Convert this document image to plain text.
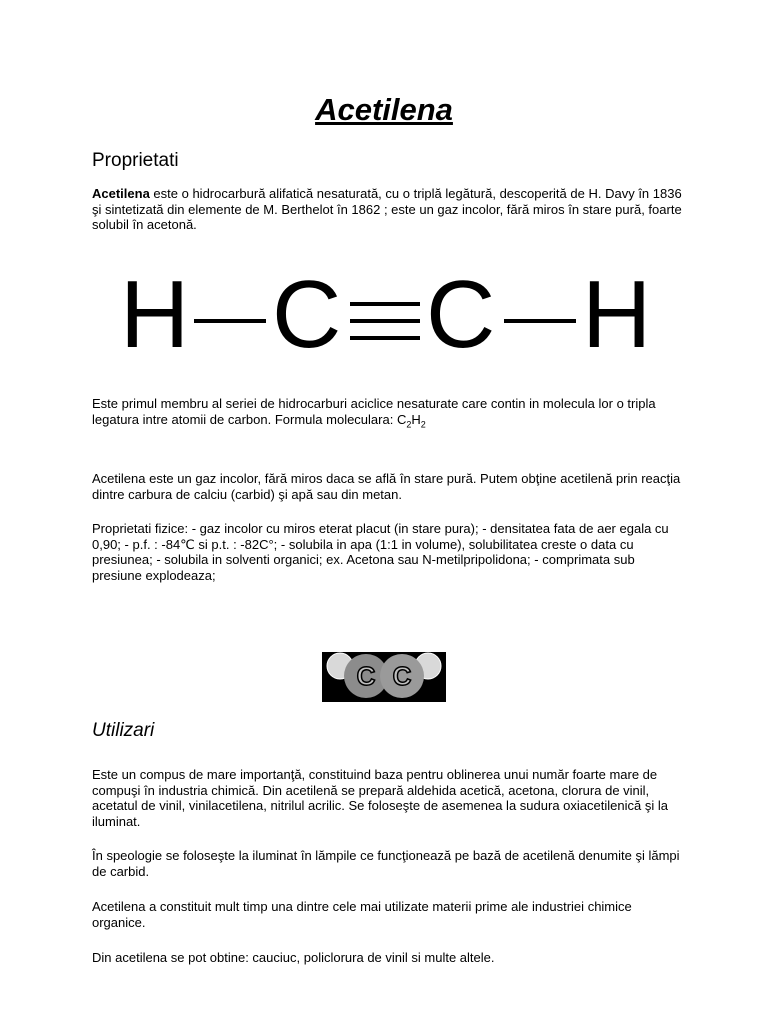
Acetilena
Proprietati
Acetilena este o hidrocarbură alifatică nesaturată, cu o triplă legătură, descoperită de H. Davy în 1836 şi sintetizată din elemente de M. Berthelot în 1862 ; este un gaz incolor, fără miros în stare pură, foarte solubil în acetonă.
H C C H
Este primul membru al seriei de hidrocarburi aciclice nesaturate care contin in molecula lor o tripla legatura intre atomii de carbon. Formula moleculara: $C_2H_2$
Acetilena este un gaz incolor, fără miros daca se află în stare pură. Putem obţine acetilenă prin reacţia dintre carbura de calciu (carbid) şi apă sau din metan.
Proprietati fizice: - gaz incolor cu miros eterat placut (in stare pura); - densitatea fata de aer egala cu 0,90; - p.f. : -84℃ si p.t. : -82C°; - solubila in apa (1:1 in volume), solubilitatea creste o data cu presiunea; - solubila in solventi organici; ex. Acetona sau N-metilpripolidona; - comprimata sub presiune explodeaza;
C C
Utilizari
Este un compus de mare importanţă, constituind baza pentru oblinerea unui număr foarte mare de compuşi în industria chimică. Din acetilenă se prepară aldehida acetică, acetona, clorura de vinil, acetatul de vinil, vinilacetilena, nitrilul acrilic. Se foloseşte de asemenea la sudura oxiacetilenică şi la iluminat.
În speologie se foloseşte la iluminat în lămpile ce funcţionează pe bază de acetilenă denumite şi lămpi de carbid.
Acetilena a constituit mult timp una dintre cele mai utilizate materii prime ale industriei chimice organice.
Din acetilena se pot obtine: cauciuc, policlorura de vinil si multe altele.
